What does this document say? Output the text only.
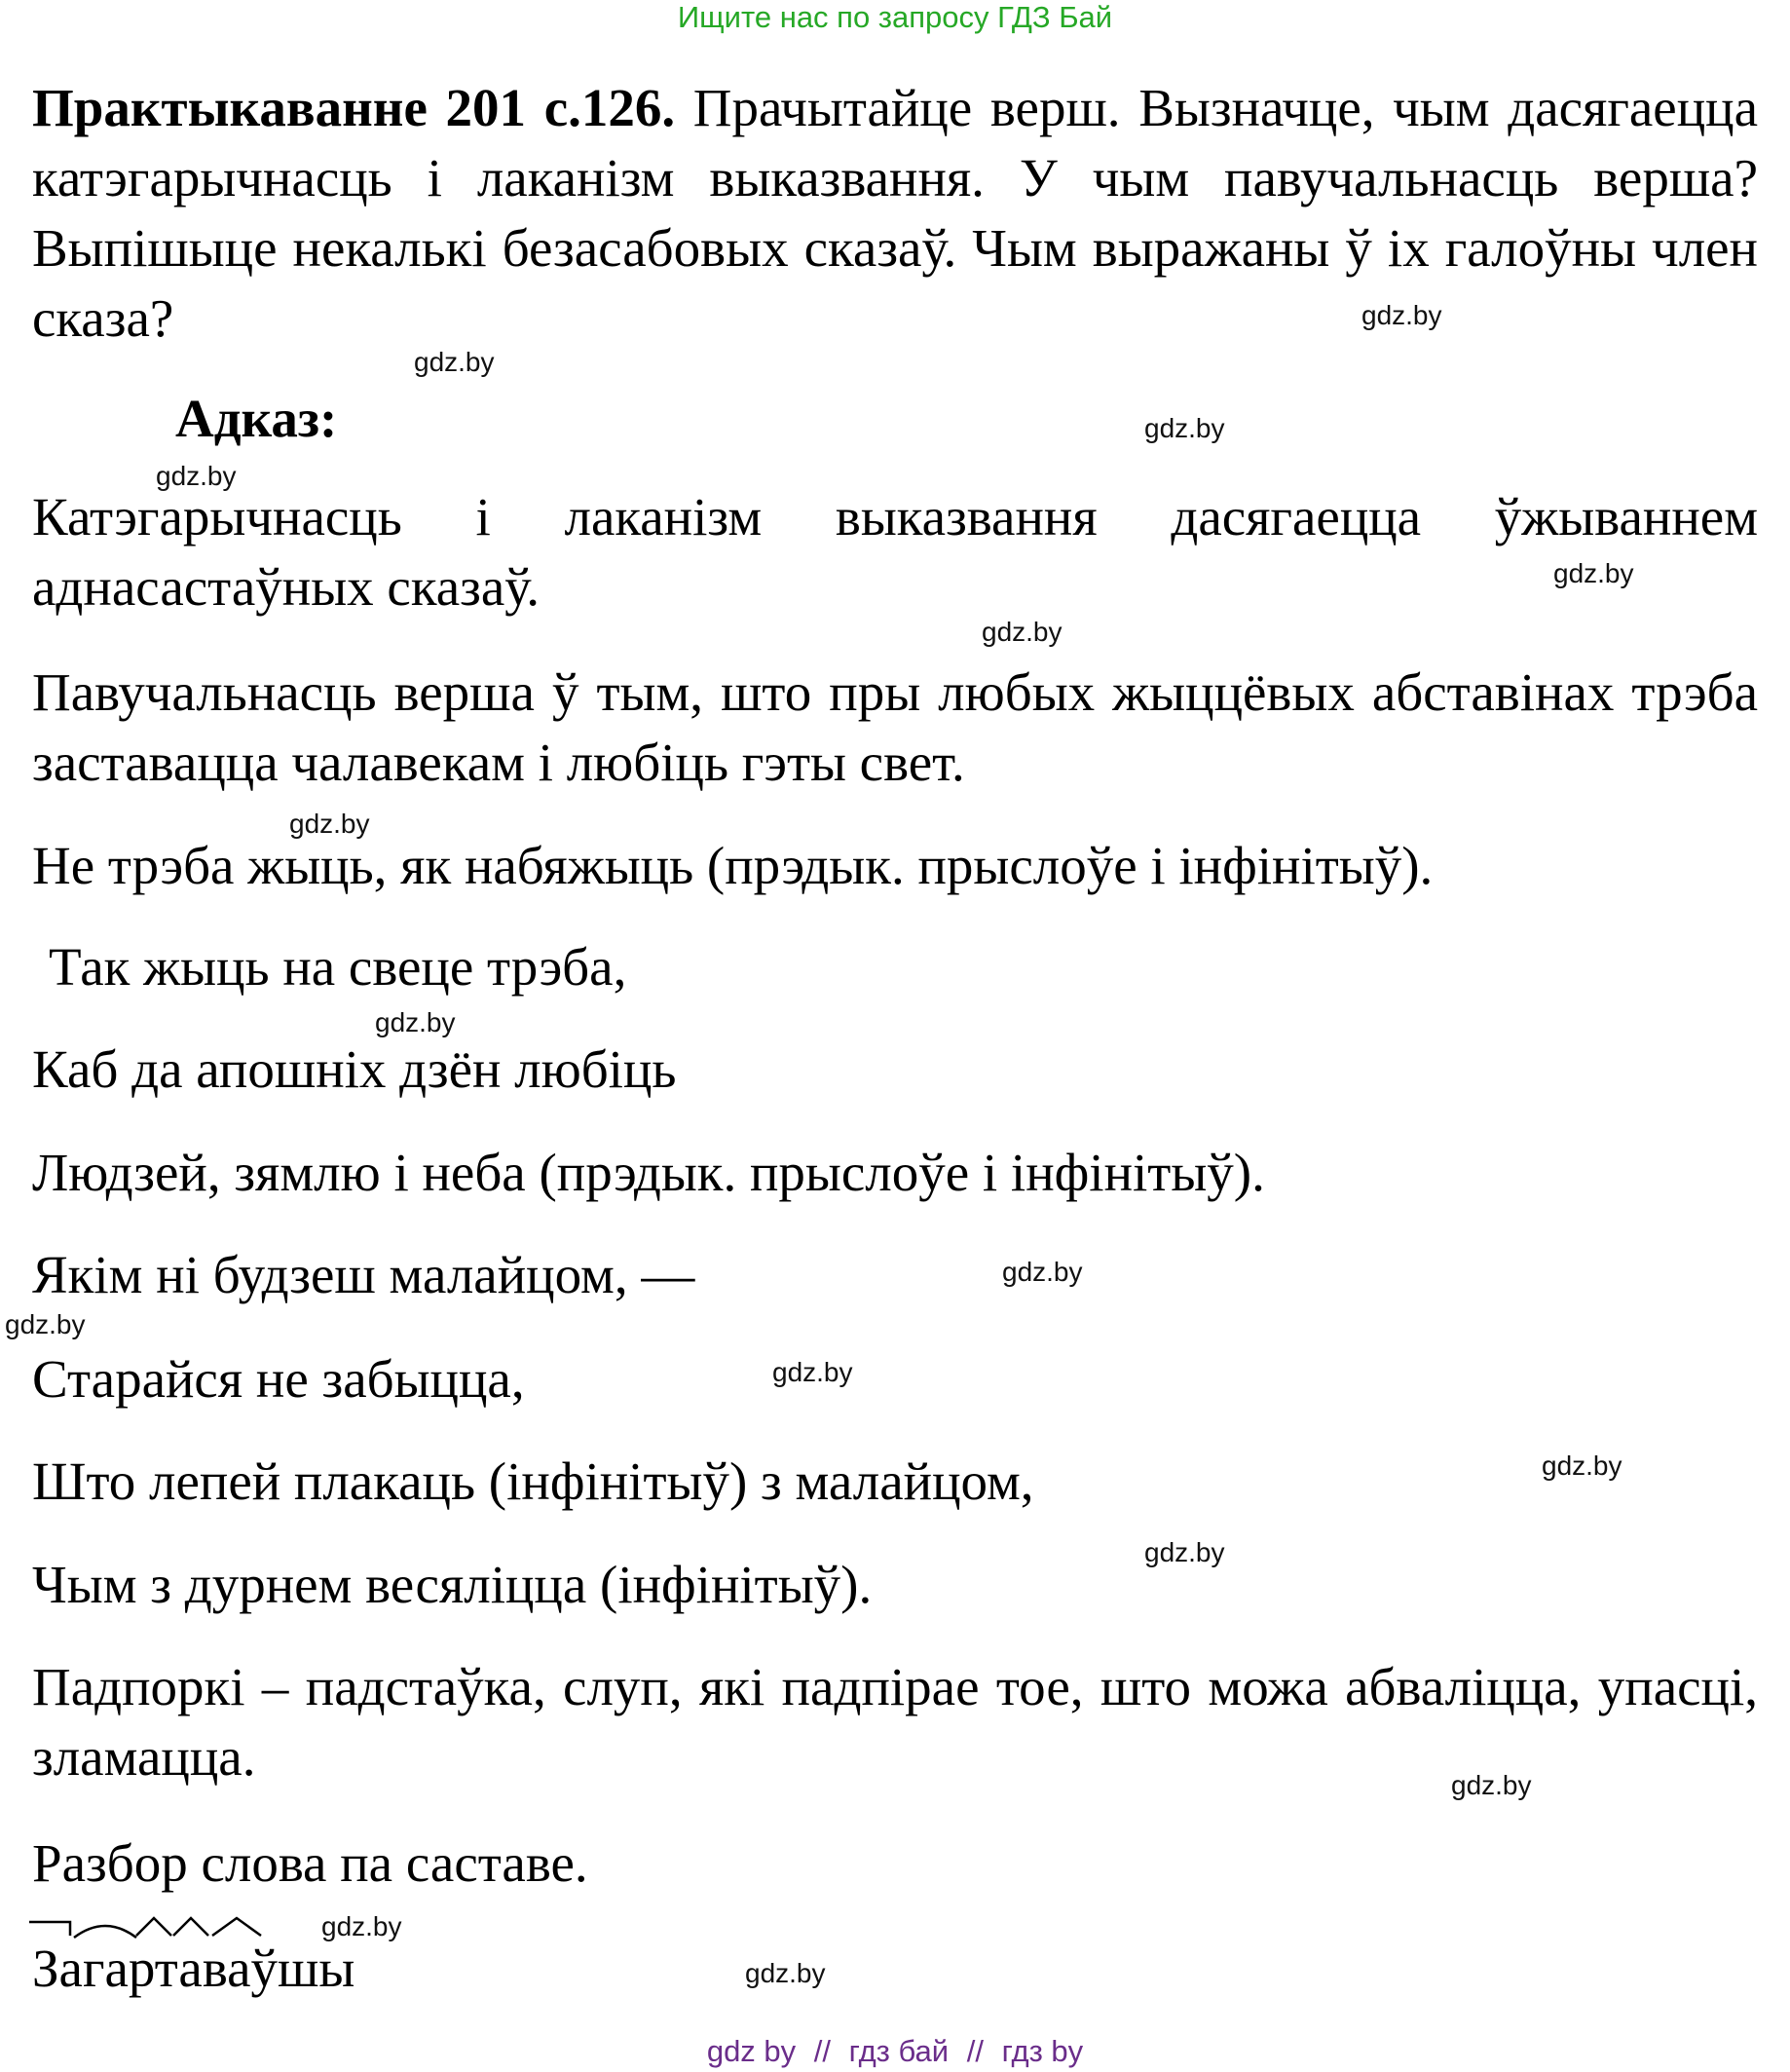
Ищите нас по запросу ГДЗ Бай
Практыкаванне 201 с.126. Прачытайце верш. Вызначце, чым дасягаецца катэгарычнасць і лаканізм выказвання. У чым павучальнасць верша? Выпішыце некалькі безасабовых сказаў. Чым выражаны ў іх галоўны член сказа?
Адказ:
Катэгарычнасць і лаканізм выказвання дасягаецца ўжываннем аднасастаўных сказаў.
Павучальнасць верша ў тым, што пры любых жыццёвых абставінах трэба заставацца чалавекам і любіць гэты свет.
Не трэба жыць, як набяжыць (прэдык. прыслоўе і інфінітыў).
Так жыць на свеце трэба,
Каб да апошніх дзён любіць
Людзей, зямлю і неба (прэдык. прыслоўе і інфінітыў).
Якім ні будзеш малайцом, —
Старайся не забыцца,
Што лепей плакаць (інфінітыў) з малайцом,
Чым з дурнем весяліцца (інфінітыў).
Падпоркі – падстаўка, слуп, які падпірае тое, што можа абваліцца, упасці, зламацца.
Разбор слова па саставе.
Загартаваўшы
gdz.by
gdz.by
gdz.by
gdz.by
gdz.by
gdz.by
gdz.by
gdz.by
gdz.by
gdz.by
gdz.by
gdz.by
gdz.by
gdz.by
gdz.by
gdz.by
gdz by // гдз бай // гдз by
